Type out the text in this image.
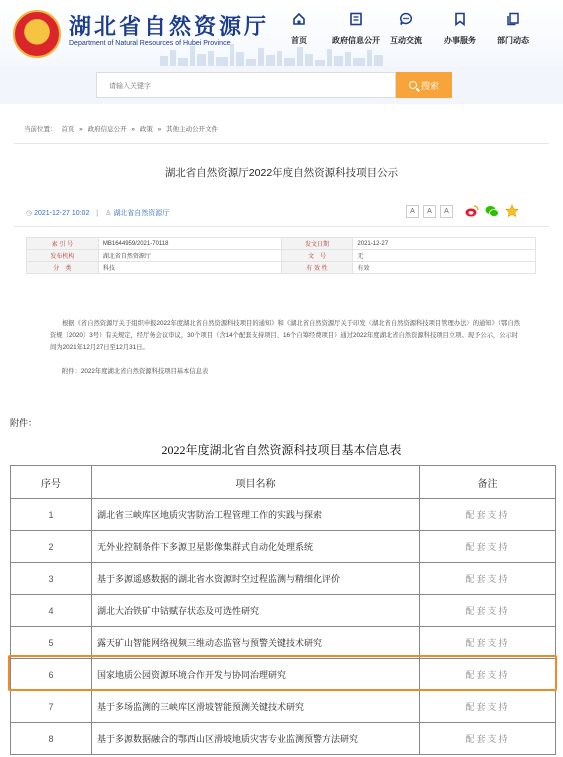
湖北省自然资源厅
Department of Natural Resources of Hubei Province	首页	政府信息公开 互动交流	办事服务	部门动态
请输入关键字	搜索
当前位置： 首页 » 政府信息公开 » 政策 » 其他主动公开文件
湖北省自然资源厅2022年度自然资源科技项目公示
◷ 2021-12-27 10:02 | ♙ 湖北省自然资源厅	A	A	A
索 引 号	MB1644959/2021-70118	发文日期	2021-12-27
发布机构	湖北省自然资源厅	文　号	无
分　类	科技	有 效 性	有效
根据《省自然资源厅关于组织申报2022年度湖北省自然资源科技项目的通知》和《湖北省自然资源厅关于印发〈湖北省自然资源科技项目管理办法〉的通知》（鄂自然资规〔2020〕3号）有关规定，经厅务会议审议，30个项目（含14个配套支持项目、16个自筹经费项目）通过2022年度湖北省自然资源科技项目立项。现予公示，公示时间为2021年12月27日至12月31日。
附件：2022年度湖北省自然资源科技项目基本信息表
附件：
2022年度湖北省自然资源科技项目基本信息表
序号	项目名称	备注
1	湖北省三峡库区地质灾害防治工程管理工作的实践与探索	配套支持
2	无外业控制条件下多源卫星影像集群式自动化处理系统	配套支持
3	基于多源遥感数据的湖北省水资源时空过程监测与精细化评价	配套支持
4	湖北大冶铁矿中钴赋存状态及可选性研究	配套支持
5	露天矿山智能网络视频三维动态监管与预警关键技术研究	配套支持
6	国家地质公园资源环境合作开发与协同治理研究	配套支持
7	基于多场监测的三峡库区滑坡智能预测关键技术研究	配套支持
8	基于多源数据融合的鄂西山区滑坡地质灾害专业监测预警方法研究	配套支持
